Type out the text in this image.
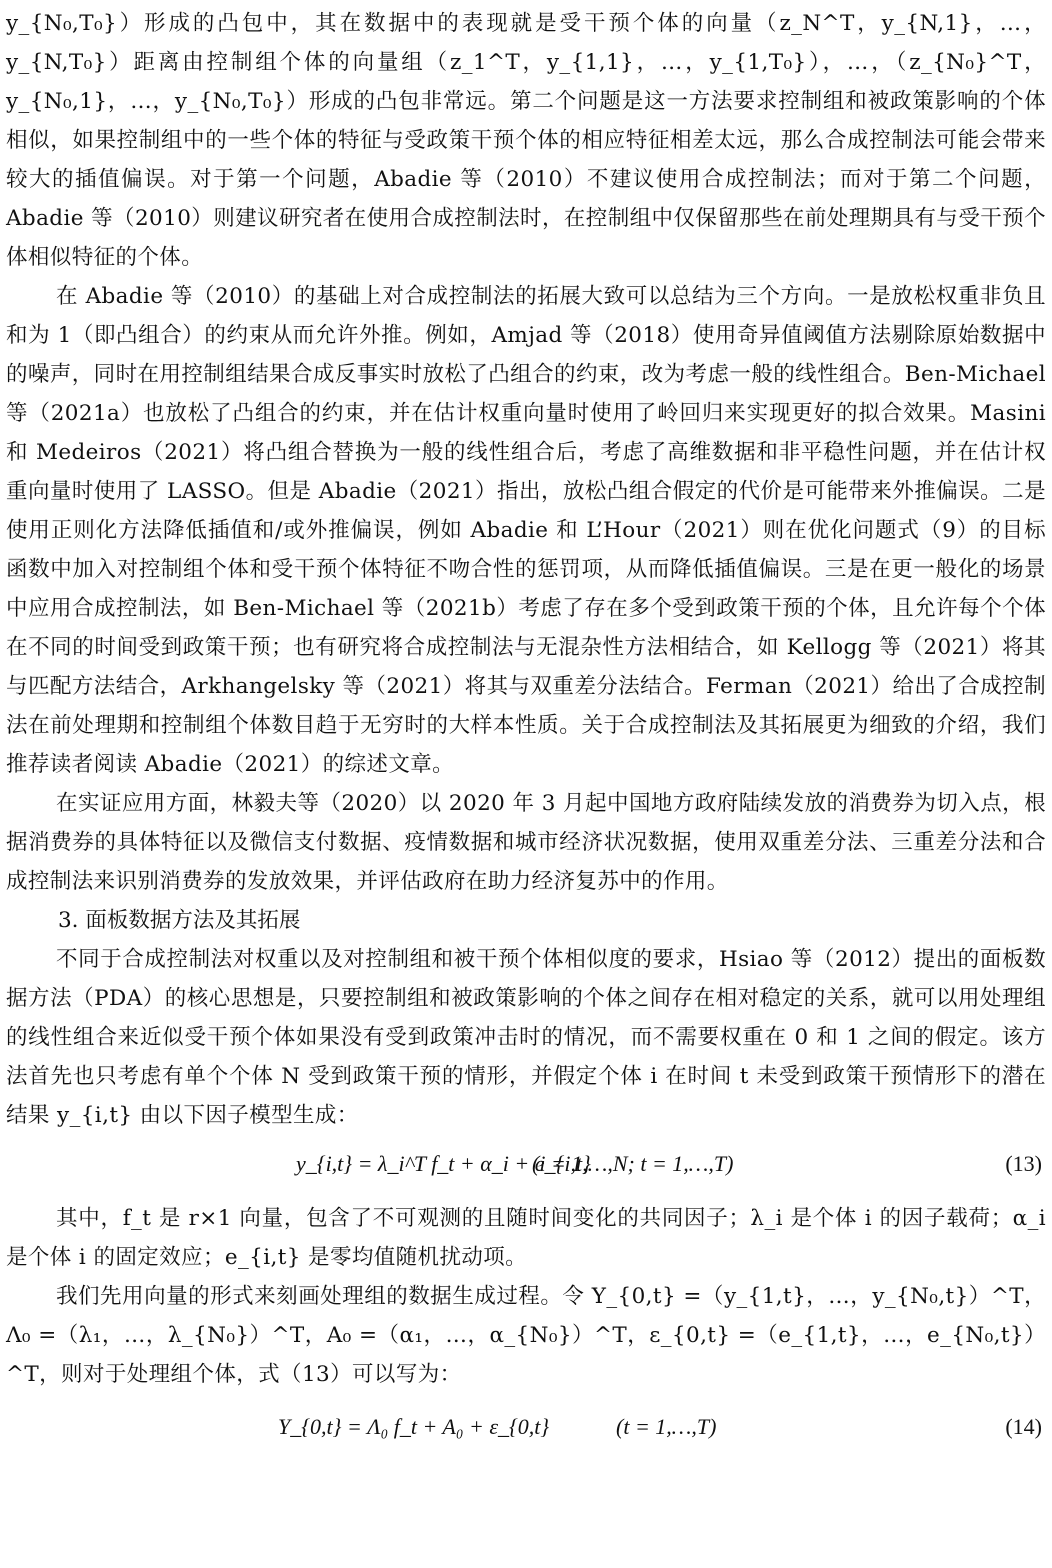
y_{N₀,T₀}）形成的凸包中，其在数据中的表现就是受干预个体的向量（z_N^T，y_{N,1}，…，y_{N,T₀}）距离由控制组个体的向量组（z_1^T，y_{1,1}，…，y_{1,T₀}），…，（z_{N₀}^T，y_{N₀,1}，…，y_{N₀,T₀}）形成的凸包非常远。第二个问题是这一方法要求控制组和被政策影响的个体相似，如果控制组中的一些个体的特征与受政策干预个体的相应特征相差太远，那么合成控制法可能会带来较大的插值偏误。对于第一个问题，Abadie 等（2010）不建议使用合成控制法；而对于第二个问题，Abadie 等（2010）则建议研究者在使用合成控制法时，在控制组中仅保留那些在前处理期具有与受干预个体相似特征的个体。

在 Abadie 等（2010）的基础上对合成控制法的拓展大致可以总结为三个方向。一是放松权重非负且和为 1（即凸组合）的约束从而允许外推。例如，Amjad 等（2018）使用奇异值阈值方法剔除原始数据中的噪声，同时在用控制组结果合成反事实时放松了凸组合的约束，改为考虑一般的线性组合。Ben-Michael 等（2021a）也放松了凸组合的约束，并在估计权重向量时使用了岭回归来实现更好的拟合效果。Masini 和 Medeiros（2021）将凸组合替换为一般的线性组合后，考虑了高维数据和非平稳性问题，并在估计权重向量时使用了 LASSO。但是 Abadie（2021）指出，放松凸组合假定的代价是可能带来外推偏误。二是使用正则化方法降低插值和/或外推偏误，例如 Abadie 和 L’Hour（2021）则在优化问题式（9）的目标函数中加入对控制组个体和受干预个体特征不吻合性的惩罚项，从而降低插值偏误。三是在更一般化的场景中应用合成控制法，如 Ben-Michael 等（2021b）考虑了存在多个受到政策干预的个体，且允许每个个体在不同的时间受到政策干预；也有研究将合成控制法与无混杂性方法相结合，如 Kellogg 等（2021）将其与匹配方法结合，Arkhangelsky 等（2021）将其与双重差分法结合。Ferman（2021）给出了合成控制法在前处理期和控制组个体数目趋于无穷时的大样本性质。关于合成控制法及其拓展更为细致的介绍，我们推荐读者阅读 Abadie（2021）的综述文章。

在实证应用方面，林毅夫等（2020）以 2020 年 3 月起中国地方政府陆续发放的消费券为切入点，根据消费券的具体特征以及微信支付数据、疫情数据和城市经济状况数据，使用双重差分法、三重差分法和合成控制法来识别消费券的发放效果，并评估政府在助力经济复苏中的作用。

3. 面板数据方法及其拓展

不同于合成控制法对权重以及对控制组和被干预个体相似度的要求，Hsiao 等（2012）提出的面板数据方法（PDA）的核心思想是，只要控制组和被政策影响的个体之间存在相对稳定的关系，就可以用处理组的线性组合来近似受干预个体如果没有受到政策冲击时的情况，而不需要权重在 0 和 1 之间的假定。该方法首先也只考虑有单个个体 N 受到政策干预的情形，并假定个体 i 在时间 t 未受到政策干预情形下的潜在结果 y_{i,t} 由以下因子模型生成：

y_{i,t} = λ_i^T f_t + α_i + e_{i,t}
(i = 1,…,N; t = 1,…,T)	(13)

其中，f_t 是 r×1 向量，包含了不可观测的且随时间变化的共同因子；λ_i 是个体 i 的因子载荷；α_i 是个体 i 的固定效应；e_{i,t} 是零均值随机扰动项。

我们先用向量的形式来刻画处理组的数据生成过程。令 Y_{0,t} =（y_{1,t}，…，y_{N₀,t}）^T，Λ₀ =（λ₁，…，λ_{N₀}）^T，A₀ =（α₁，…，α_{N₀}）^T，ε_{0,t} =（e_{1,t}，…，e_{N₀,t}）^T，则对于处理组个体，式（13）可以写为：

Y_{0,t} = Λ₀ f_t + A₀ + ε_{0,t}	(t = 1,…,T)	(14)
